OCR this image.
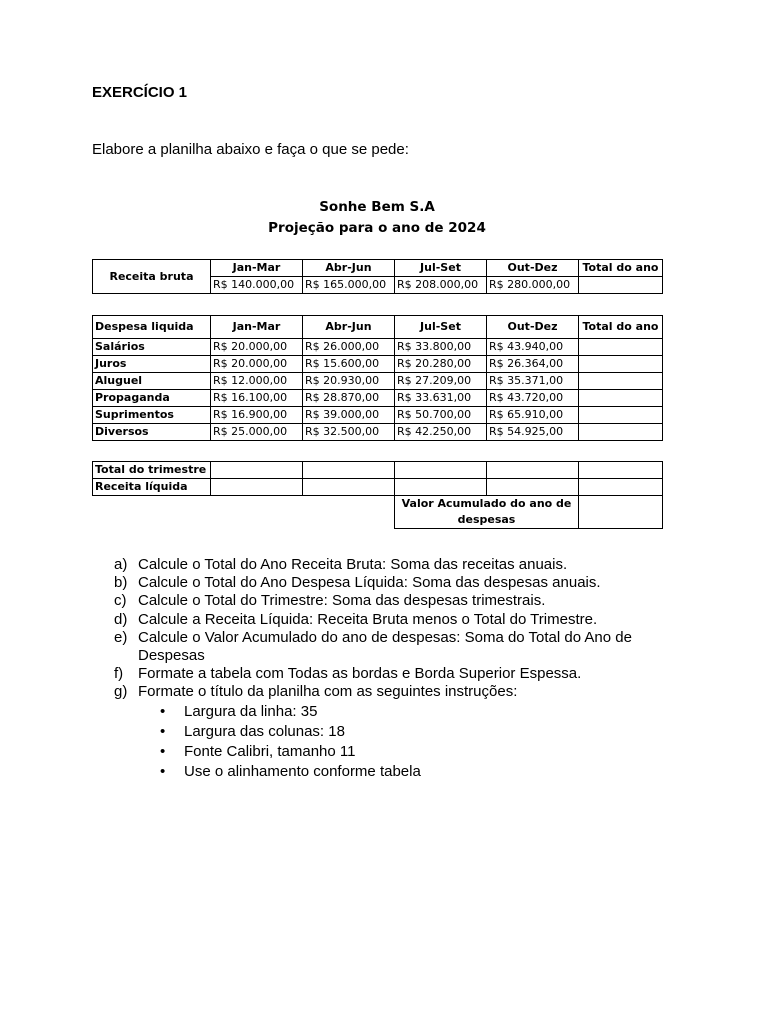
EXERCÍCIO 1
Elabore a planilha abaixo e faça o que se pede:
Sonhe Bem S.A
Projeção para o ano de 2024
Receita bruta	Jan-Mar	Abr-Jun	Jul-Set	Out-Dez	Total do ano
	R$ 140.000,00	R$ 165.000,00	R$ 208.000,00	R$ 280.000,00	
Despesa liquida	Jan-Mar	Abr-Jun	Jul-Set	Out-Dez	Total do ano
Salários	R$ 20.000,00	R$ 26.000,00	R$ 33.800,00	R$ 43.940,00	
Juros	R$ 20.000,00	R$ 15.600,00	R$ 20.280,00	R$ 26.364,00	
Aluguel	R$ 12.000,00	R$ 20.930,00	R$ 27.209,00	R$ 35.371,00	
Propaganda	R$ 16.100,00	R$ 28.870,00	R$ 33.631,00	R$ 43.720,00	
Suprimentos	R$ 16.900,00	R$ 39.000,00	R$ 50.700,00	R$ 65.910,00	
Diversos	R$ 25.000,00	R$ 32.500,00	R$ 42.250,00	R$ 54.925,00	
Total do trimestre					
Receita líquida					
			Valor Acumulado do ano de despesas		
a) Calcule o Total do Ano Receita Bruta: Soma das receitas anuais.
b) Calcule o Total do Ano Despesa Líquida: Soma das despesas anuais.
c) Calcule o Total do Trimestre: Soma das despesas trimestrais.
d) Calcule a Receita Líquida: Receita Bruta menos o Total do Trimestre.
e) Calcule o Valor Acumulado do ano de despesas: Soma do Total do Ano de Despesas
f) Formate a tabela com Todas as bordas e Borda Superior Espessa.
g) Formate o título da planilha com as seguintes instruções:
• Largura da linha: 35
• Largura das colunas: 18
• Fonte Calibri, tamanho 11
• Use o alinhamento conforme tabela
